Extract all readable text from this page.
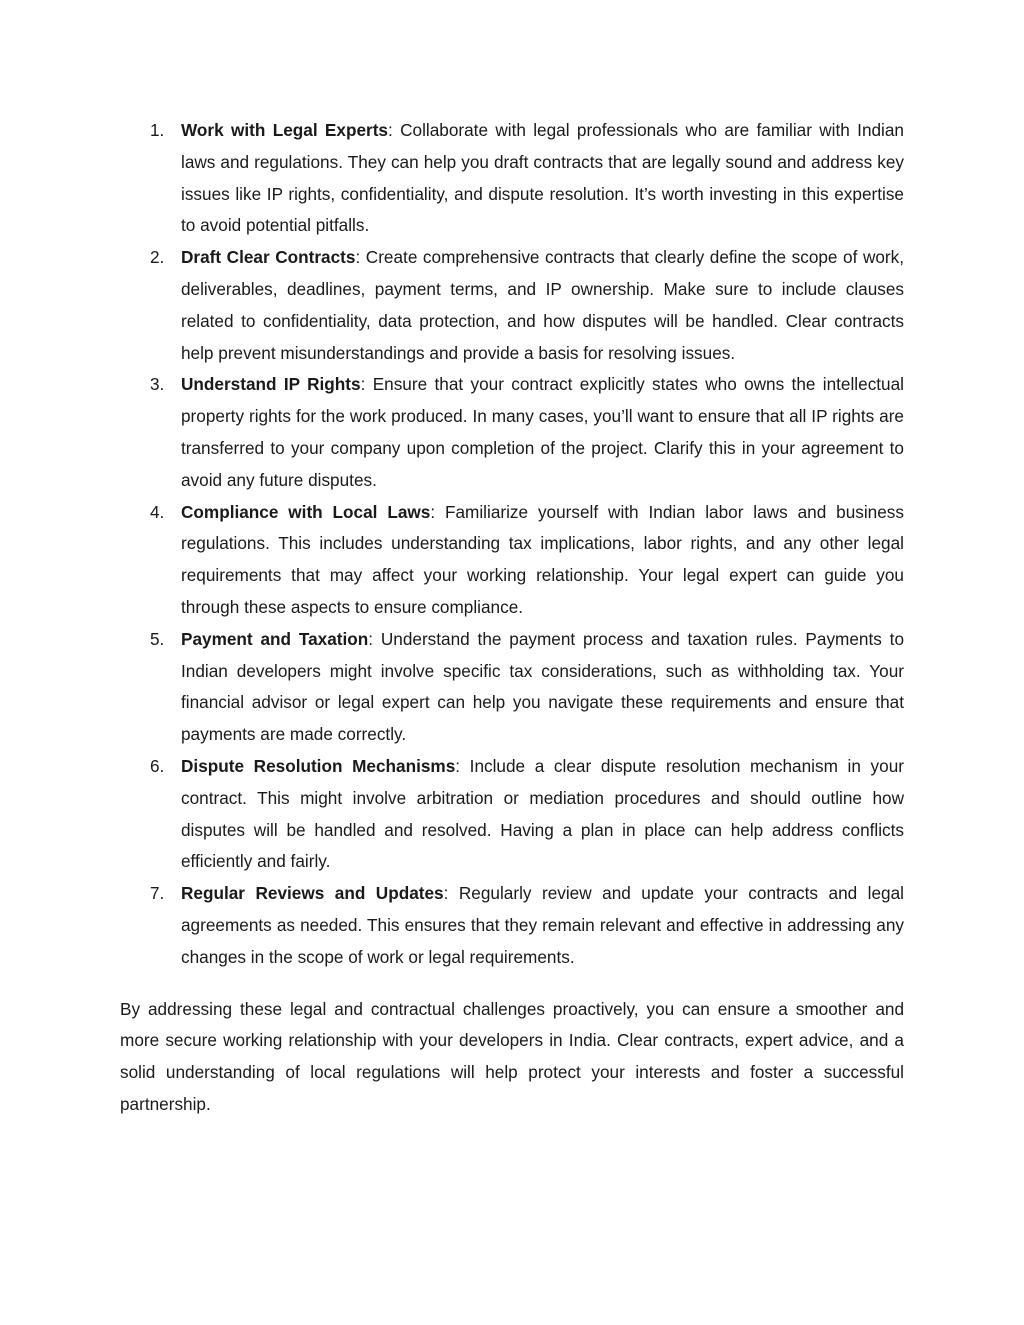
1. Work with Legal Experts: Collaborate with legal professionals who are familiar with Indian laws and regulations. They can help you draft contracts that are legally sound and address key issues like IP rights, confidentiality, and dispute resolution. It’s worth investing in this expertise to avoid potential pitfalls.
2. Draft Clear Contracts: Create comprehensive contracts that clearly define the scope of work, deliverables, deadlines, payment terms, and IP ownership. Make sure to include clauses related to confidentiality, data protection, and how disputes will be handled. Clear contracts help prevent misunderstandings and provide a basis for resolving issues.
3. Understand IP Rights: Ensure that your contract explicitly states who owns the intellectual property rights for the work produced. In many cases, you’ll want to ensure that all IP rights are transferred to your company upon completion of the project. Clarify this in your agreement to avoid any future disputes.
4. Compliance with Local Laws: Familiarize yourself with Indian labor laws and business regulations. This includes understanding tax implications, labor rights, and any other legal requirements that may affect your working relationship. Your legal expert can guide you through these aspects to ensure compliance.
5. Payment and Taxation: Understand the payment process and taxation rules. Payments to Indian developers might involve specific tax considerations, such as withholding tax. Your financial advisor or legal expert can help you navigate these requirements and ensure that payments are made correctly.
6. Dispute Resolution Mechanisms: Include a clear dispute resolution mechanism in your contract. This might involve arbitration or mediation procedures and should outline how disputes will be handled and resolved. Having a plan in place can help address conflicts efficiently and fairly.
7. Regular Reviews and Updates: Regularly review and update your contracts and legal agreements as needed. This ensures that they remain relevant and effective in addressing any changes in the scope of work or legal requirements.

By addressing these legal and contractual challenges proactively, you can ensure a smoother and more secure working relationship with your developers in India. Clear contracts, expert advice, and a solid understanding of local regulations will help protect your interests and foster a successful partnership.
